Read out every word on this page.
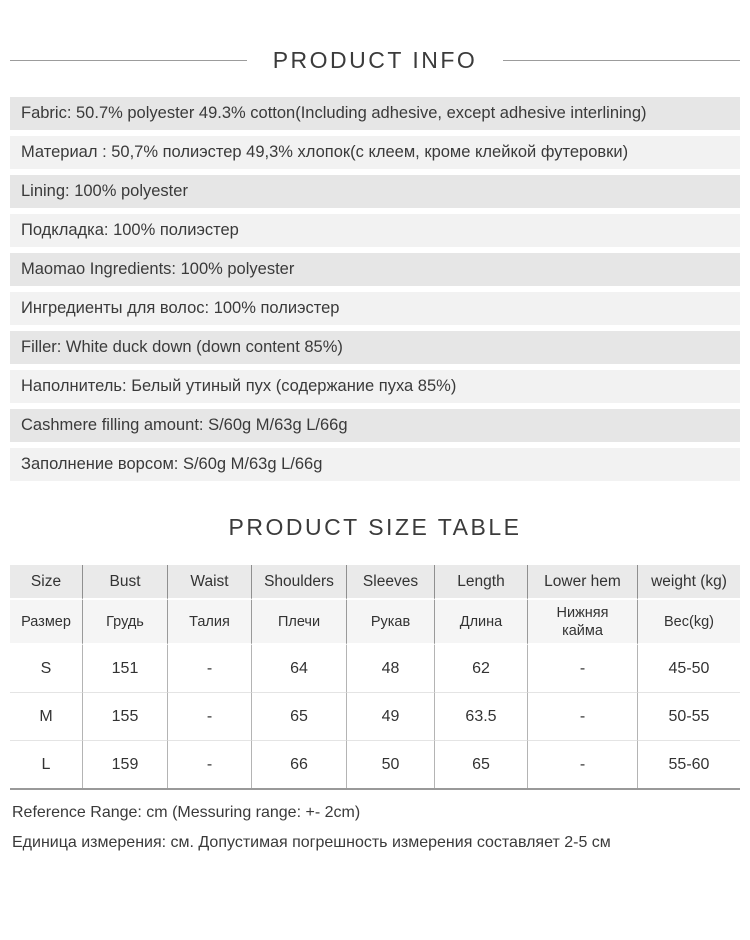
PRODUCT INFO
Fabric: 50.7% polyester 49.3% cotton(Including adhesive, except adhesive interlining)
Материал : 50,7% полиэстер 49,3% хлопок(с клеем, кроме клейкой футеровки)
Lining: 100% polyester
Подкладка: 100% полиэстер
Maomao Ingredients: 100% polyester
Ингредиенты для волос: 100% полиэстер
Filler: White duck down (down content 85%)
Наполнитель: Белый утиный пух (содержание пуха 85%)
Cashmere filling amount: S/60g M/63g L/66g
Заполнение ворсом: S/60g M/63g L/66g
PRODUCT SIZE TABLE
Size	Bust	Waist	Shoulders	Sleeves	Length	Lower hem	weight (kg)
Размер	Грудь	Талия	Плечи	Рукав	Длина	Нижняя кайма	Вес(kg)
S	151	-	64	48	62	-	45-50
M	155	-	65	49	63.5	-	50-55
L	159	-	66	50	65	-	55-60

Reference Range: cm (Messuring range: +- 2cm)

Единица измерения: см. Допустимая погрешность измерения составляет 2-5 см
